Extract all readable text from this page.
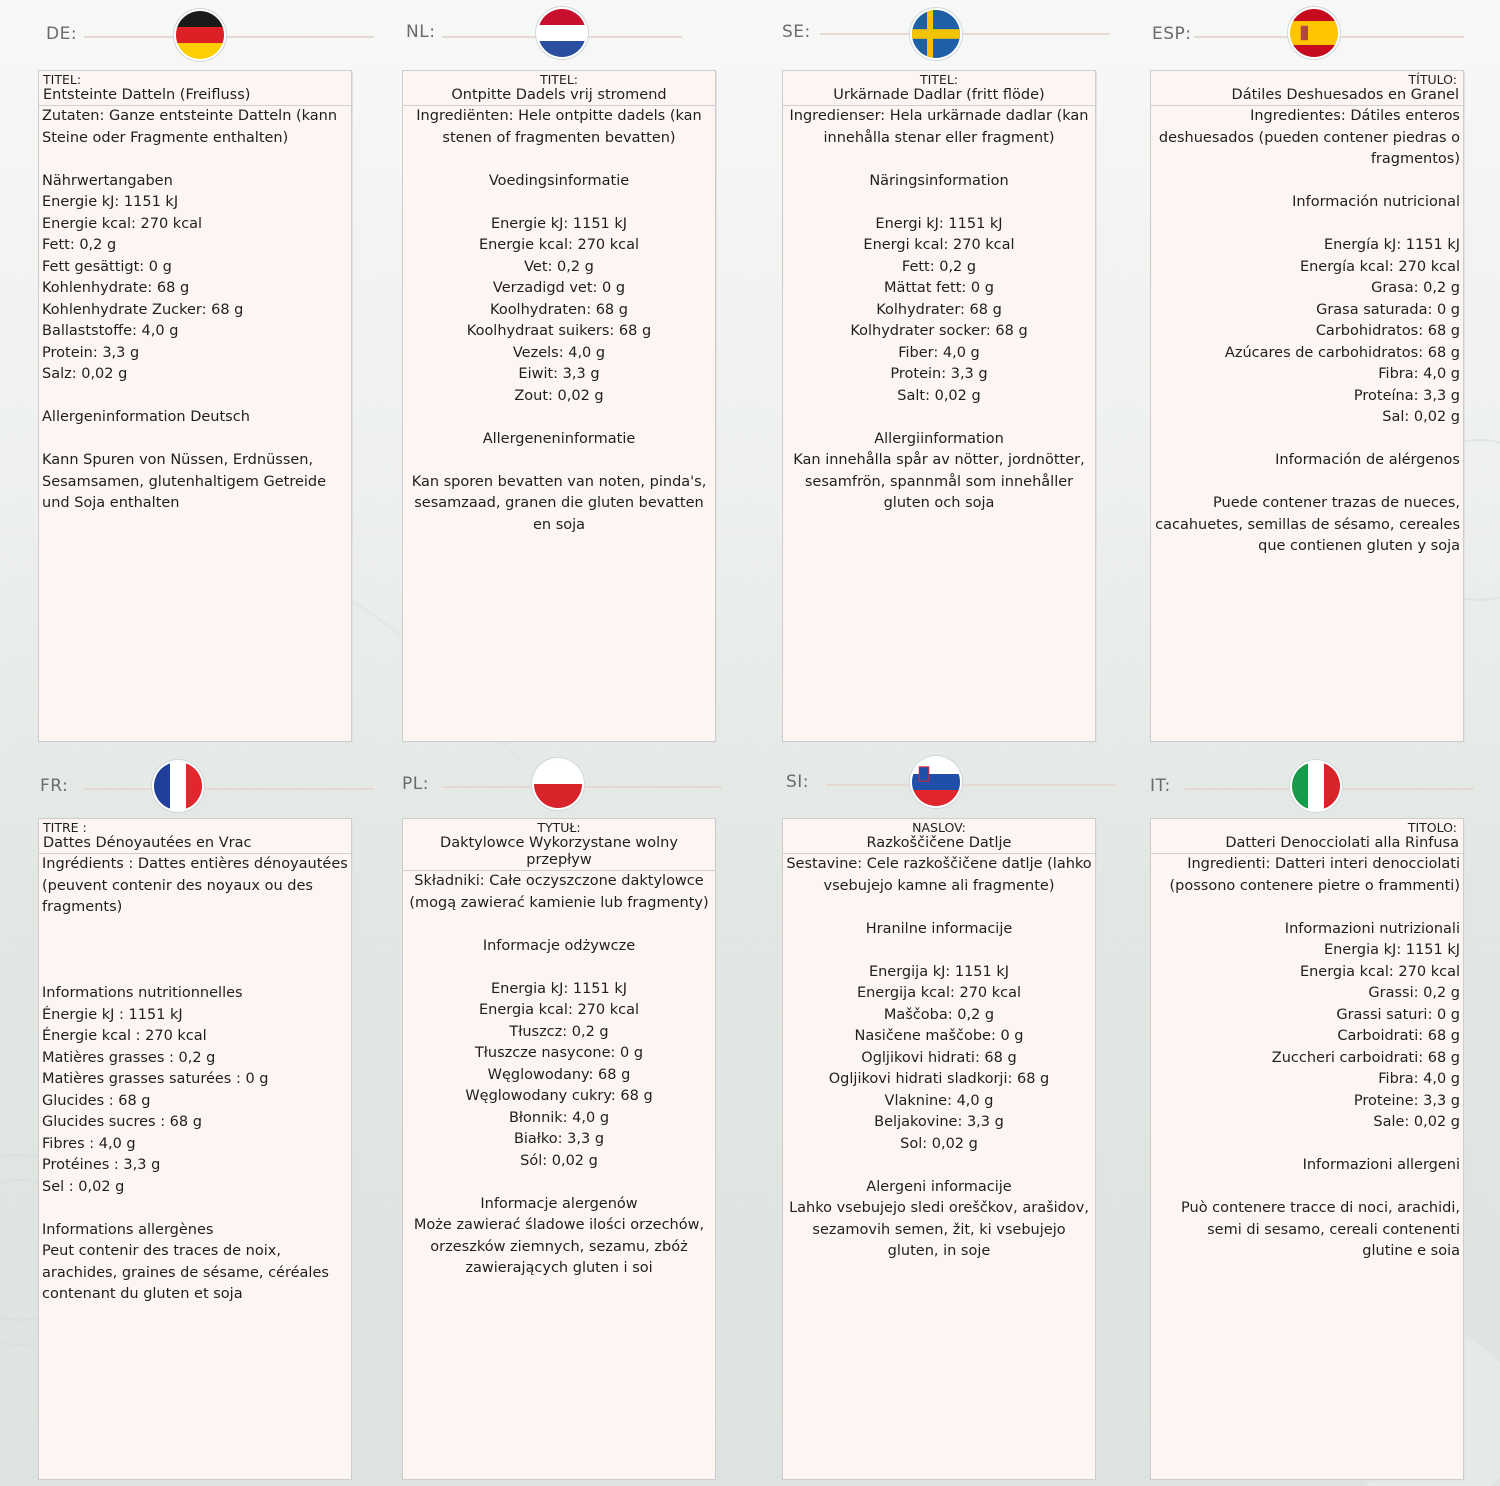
DE:
TITEL:
Entsteinte Datteln (Freifluss)
Zutaten: Ganze entsteinte Datteln (kann Steine oder Fragmente enthalten)

Nährwertangaben
Energie kJ: 1151 kJ
Energie kcal: 270 kcal
Fett: 0,2 g
Fett gesättigt: 0 g
Kohlenhydrate: 68 g
Kohlenhydrate Zucker: 68 g
Ballaststoffe: 4,0 g
Protein: 3,3 g
Salz: 0,02 g

Allergeninformation Deutsch

Kann Spuren von Nüssen, Erdnüssen, Sesamsamen, glutenhaltigem Getreide und Soja enthalten
NL:
TITEL:
Ontpitte Dadels vrij stromend
Ingrediënten: Hele ontpitte dadels (kan stenen of fragmenten bevatten)

Voedingsinformatie

Energie kJ: 1151 kJ
Energie kcal: 270 kcal
Vet: 0,2 g
Verzadigd vet: 0 g
Koolhydraten: 68 g
Koolhydraat suikers: 68 g
Vezels: 4,0 g
Eiwit: 3,3 g
Zout: 0,02 g

Allergeneninformatie

Kan sporen bevatten van noten, pinda's, sesamzaad, granen die gluten bevatten en soja
SE:
TITEL:
Urkärnade Dadlar (fritt flöde)
Ingredienser: Hela urkärnade dadlar (kan innehålla stenar eller fragment)

Näringsinformation

Energi kJ: 1151 kJ
Energi kcal: 270 kcal
Fett: 0,2 g
Mättat fett: 0 g
Kolhydrater: 68 g
Kolhydrater socker: 68 g
Fiber: 4,0 g
Protein: 3,3 g
Salt: 0,02 g

Allergiinformation
Kan innehålla spår av nötter, jordnötter, sesamfrön, spannmål som innehåller gluten och soja
ESP:
TÍTULO:
Dátiles Deshuesados en Granel
Ingredientes: Dátiles enteros deshuesados (pueden contener piedras o fragmentos)

Información nutricional

Energía kJ: 1151 kJ
Energía kcal: 270 kcal
Grasa: 0,2 g
Grasa saturada: 0 g
Carbohidratos: 68 g
Azúcares de carbohidratos: 68 g
Fibra: 4,0 g
Proteína: 3,3 g
Sal: 0,02 g

Información de alérgenos

Puede contener trazas de nueces, cacahuetes, semillas de sésamo, cereales que contienen gluten y soja
FR:
TITRE :
Dattes Dénoyautées en Vrac
Ingrédients : Dattes entières dénoyautées (peuvent contenir des noyaux ou des fragments)

Informations nutritionnelles
Énergie kJ : 1151 kJ
Énergie kcal : 270 kcal
Matières grasses : 0,2 g
Matières grasses saturées : 0 g
Glucides : 68 g
Glucides sucres : 68 g
Fibres : 4,0 g
Protéines : 3,3 g
Sel : 0,02 g

Informations allergènes
Peut contenir des traces de noix, arachides, graines de sésame, céréales contenant du gluten et soja
PL:
TYTUŁ:
Daktylowce Wykorzystane wolny przepływ
Składniki: Całe oczyszczone daktylowce (mogą zawierać kamienie lub fragmenty)

Informacje odżywcze

Energia kJ: 1151 kJ
Energia kcal: 270 kcal
Tłuszcz: 0,2 g
Tłuszcze nasycone: 0 g
Węglowodany: 68 g
Węglowodany cukry: 68 g
Błonnik: 4,0 g
Białko: 3,3 g
Sól: 0,02 g

Informacje alergenów
Może zawierać śladowe ilości orzechów, orzeszków ziemnych, sezamu, zbóż zawierających gluten i soi
SI:
NASLOV:
Razkoščičene Datlje
Sestavine: Cele razkoščičene datlje (lahko vsebujejo kamne ali fragmente)

Hranilne informacije

Energija kJ: 1151 kJ
Energija kcal: 270 kcal
Maščoba: 0,2 g
Nasičene maščobe: 0 g
Ogljikovi hidrati: 68 g
Ogljikovi hidrati sladkorji: 68 g
Vlaknine: 4,0 g
Beljakovine: 3,3 g
Sol: 0,02 g

Alergeni informacije
Lahko vsebujejo sledi oreščkov, arašidov, sezamovih semen, žit, ki vsebujejo gluten, in soje
IT:
TITOLO:
Datteri Denocciolati alla Rinfusa
Ingredienti: Datteri interi denocciolati (possono contenere pietre o frammenti)

Informazioni nutrizionali
Energia kJ: 1151 kJ
Energia kcal: 270 kcal
Grassi: 0,2 g
Grassi saturi: 0 g
Carboidrati: 68 g
Zuccheri carboidrati: 68 g
Fibra: 4,0 g
Proteine: 3,3 g
Sale: 0,02 g

Informazioni allergeni

Può contenere tracce di noci, arachidi, semi di sesamo, cereali contenenti glutine e soia
